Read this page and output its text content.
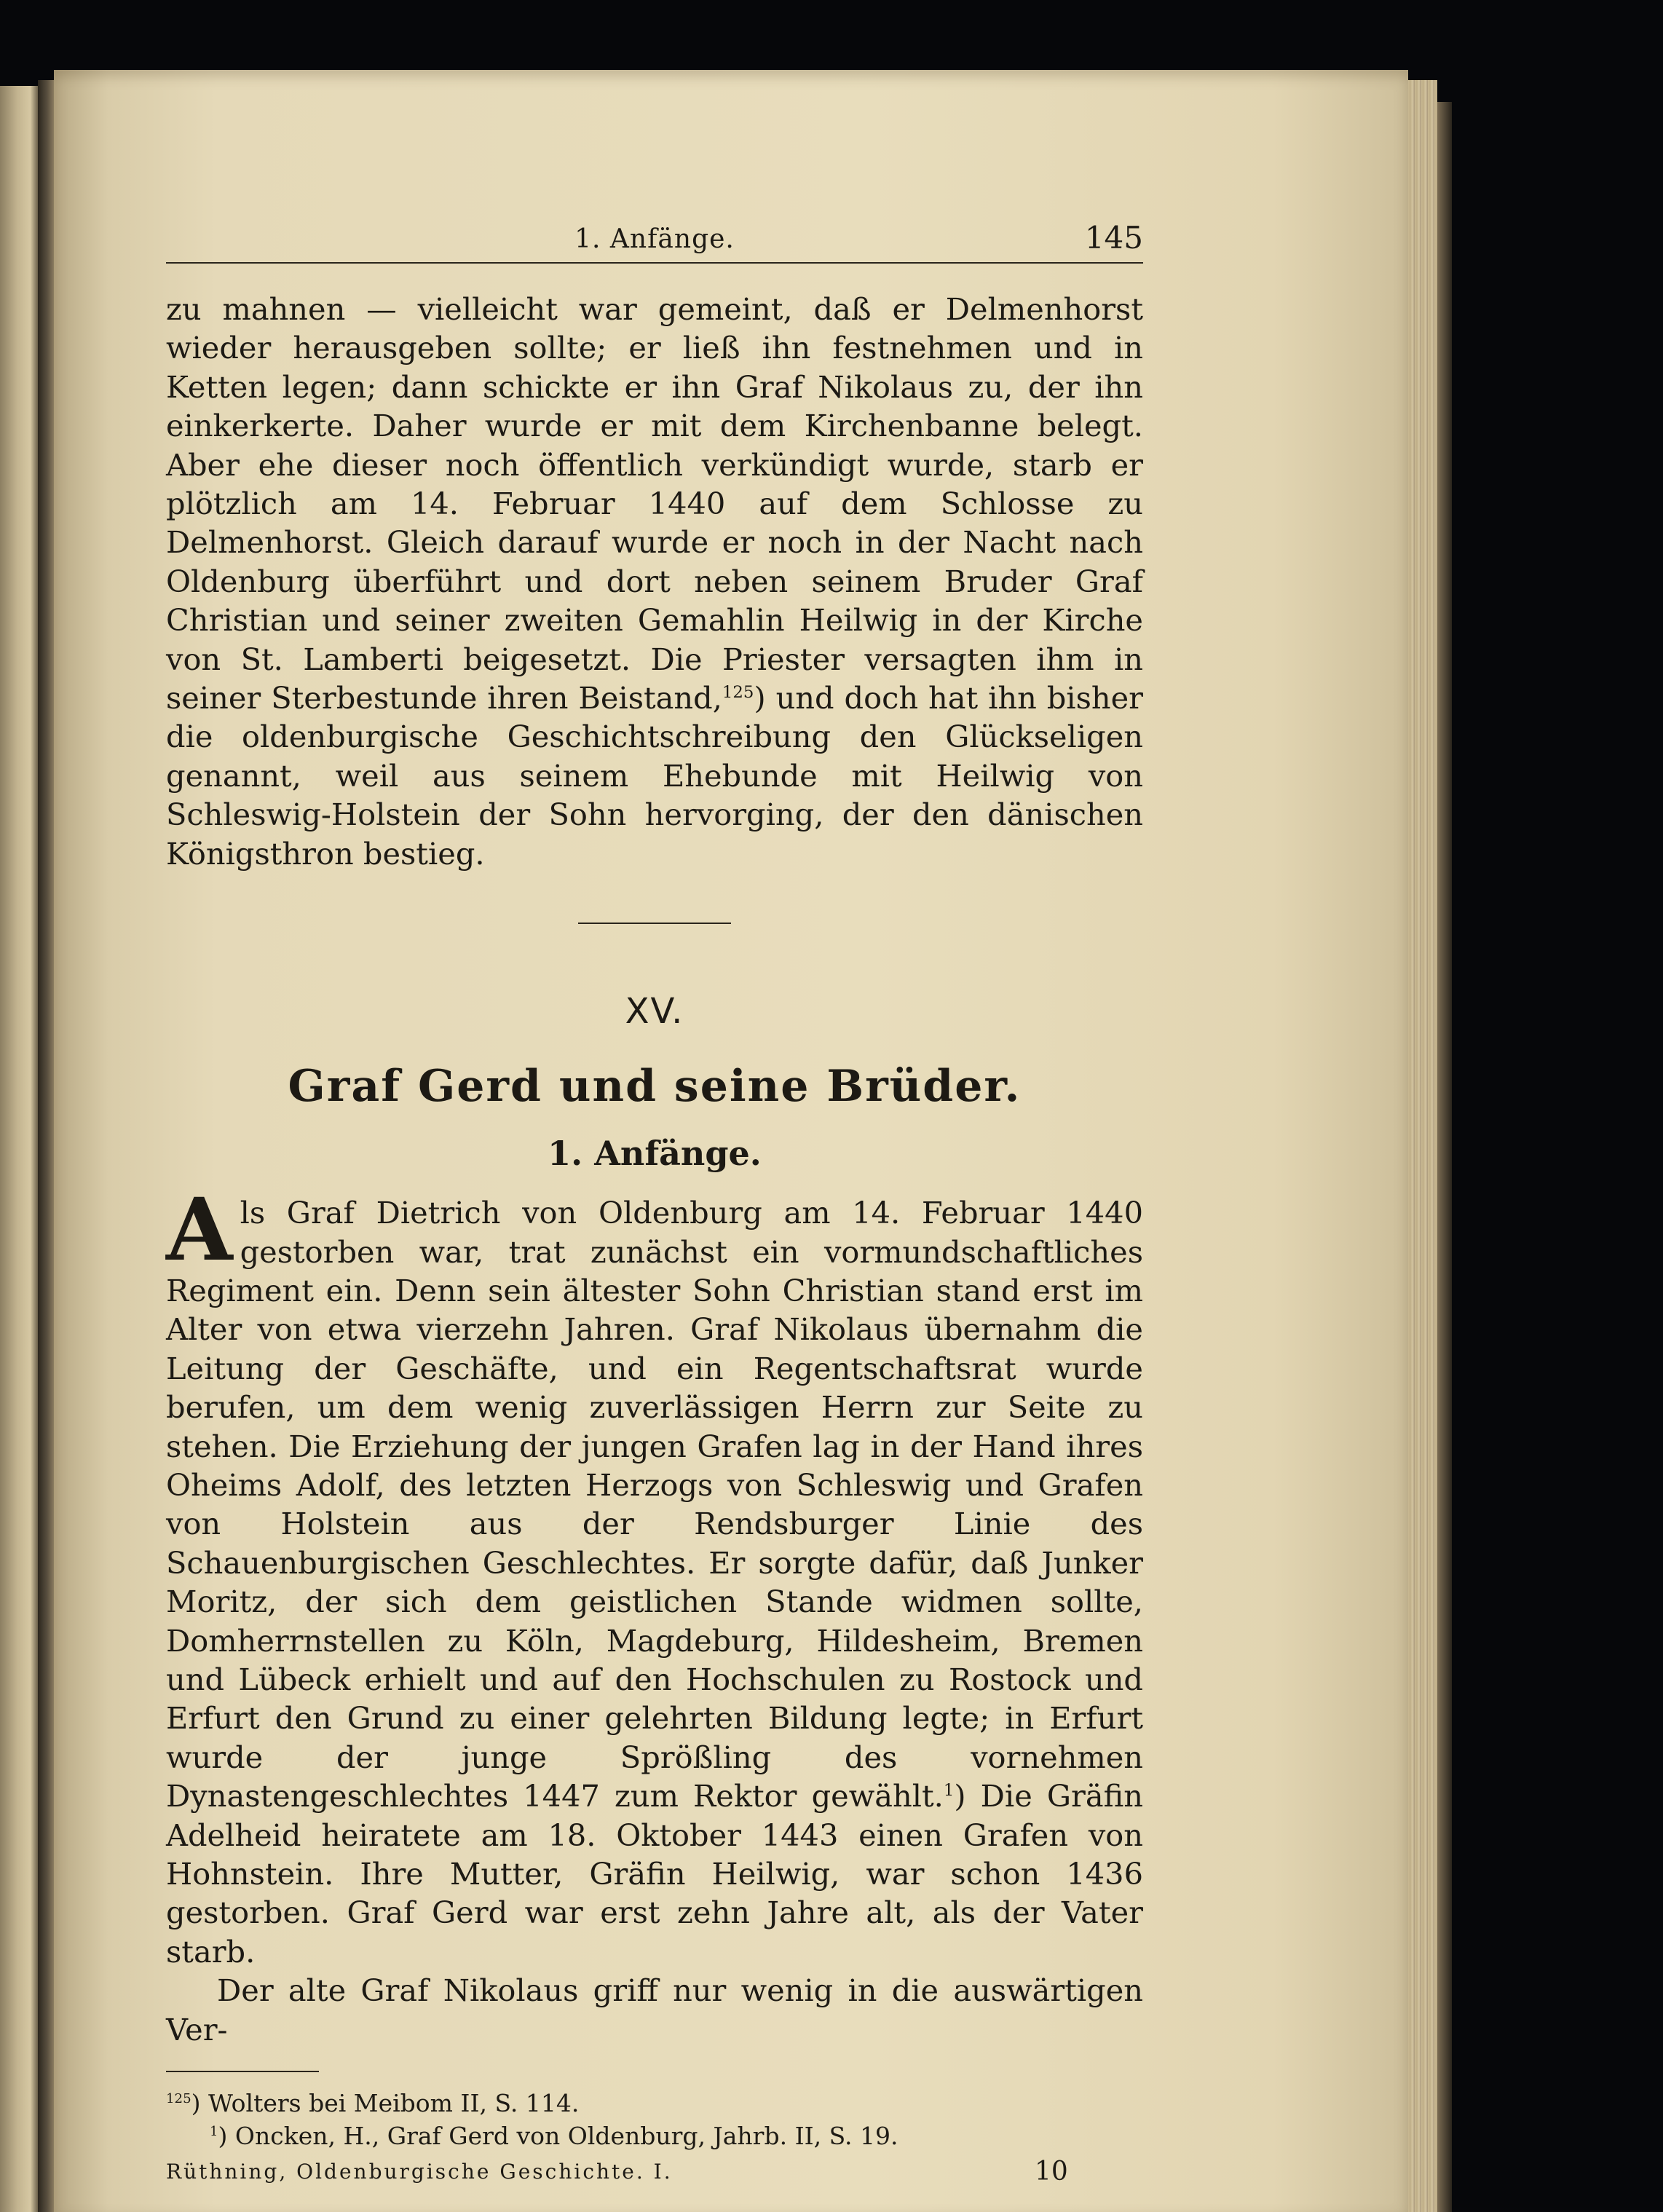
1. Anfänge.	145

zu mahnen — vielleicht war gemeint, daß er Delmenhorst wieder herausgeben sollte; er ließ ihn festnehmen und in Ketten legen; dann schickte er ihn Graf Nikolaus zu, der ihn einkerkerte. Daher wurde er mit dem Kirchenbanne belegt. Aber ehe dieser noch öffentlich verkündigt wurde, starb er plötzlich am 14. Februar 1440 auf dem Schlosse zu Delmenhorst. Gleich darauf wurde er noch in der Nacht nach Oldenburg überführt und dort neben seinem Bruder Graf Christian und seiner zweiten Gemahlin Heilwig in der Kirche von St. Lamberti beigesetzt. Die Priester versagten ihm in seiner Sterbestunde ihren Beistand,$^{125}$) und doch hat ihn bisher die oldenburgische Geschichtschreibung den Glückseligen genannt, weil aus seinem Ehebunde mit Heilwig von Schleswig-Holstein der Sohn hervorging, der den dänischen Königsthron bestieg.

XV.
Graf Gerd und seine Brüder.
1. Anfänge.

Als Graf Dietrich von Oldenburg am 14. Februar 1440 gestorben war, trat zunächst ein vormundschaftliches Regiment ein. Denn sein ältester Sohn Christian stand erst im Alter von etwa vierzehn Jahren. Graf Nikolaus übernahm die Leitung der Geschäfte, und ein Regentschaftsrat wurde berufen, um dem wenig zuverlässigen Herrn zur Seite zu stehen. Die Erziehung der jungen Grafen lag in der Hand ihres Oheims Adolf, des letzten Herzogs von Schleswig und Grafen von Holstein aus der Rendsburger Linie des Schauenburgischen Geschlechtes. Er sorgte dafür, daß Junker Moritz, der sich dem geistlichen Stande widmen sollte, Domherrnstellen zu Köln, Magdeburg, Hildesheim, Bremen und Lübeck erhielt und auf den Hochschulen zu Rostock und Erfurt den Grund zu einer gelehrten Bildung legte; in Erfurt wurde der junge Sprößling des vornehmen Dynastengeschlechtes 1447 zum Rektor gewählt.$^1$) Die Gräfin Adelheid heiratete am 18. Oktober 1443 einen Grafen von Hohnstein. Ihre Mutter, Gräfin Heilwig, war schon 1436 gestorben. Graf Gerd war erst zehn Jahre alt, als der Vater starb.

Der alte Graf Nikolaus griff nur wenig in die auswärtigen Ver-

$^{125}$) Wolters bei Meibom II, S. 114.

$^1$) Oncken, H., Graf Gerd von Oldenburg, Jahrb. II, S. 19.

Rüthning, Oldenburgische Geschichte. I.	10
